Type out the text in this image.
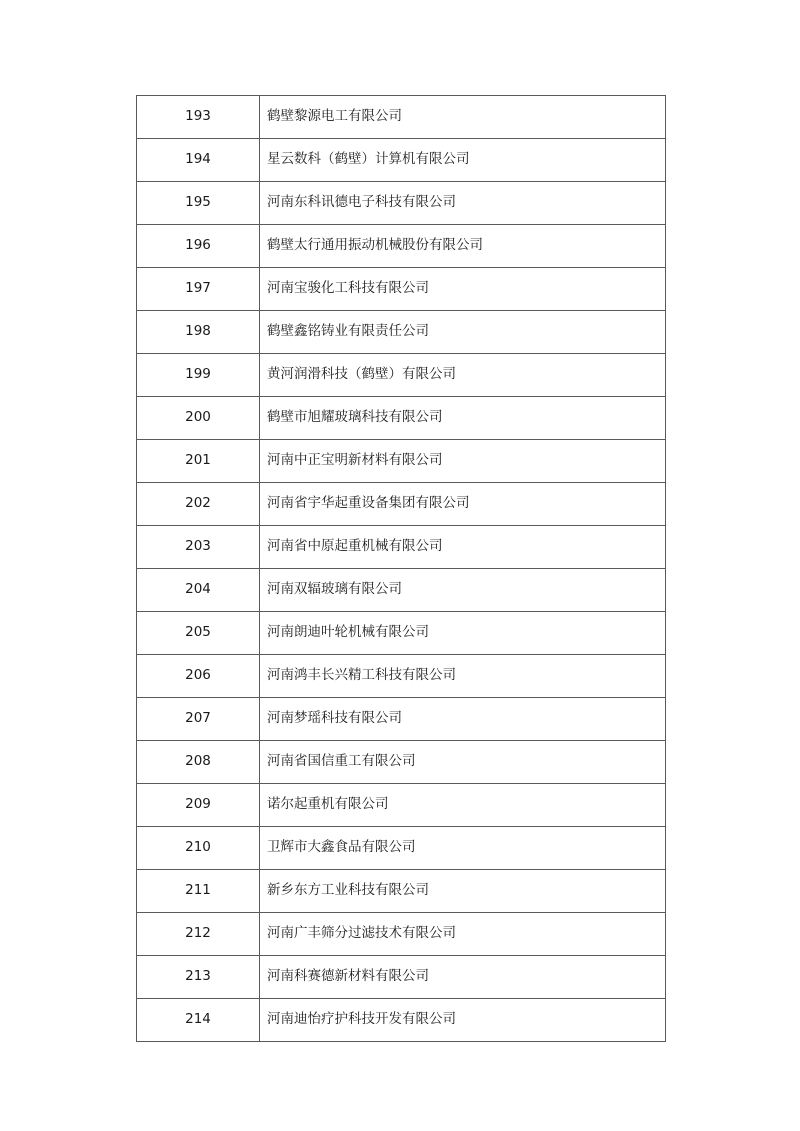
193	鹤壁黎源电工有限公司
194	星云数科（鹤壁）计算机有限公司
195	河南东科讯德电子科技有限公司
196	鹤壁太行通用振动机械股份有限公司
197	河南宝骏化工科技有限公司
198	鹤壁鑫铭铸业有限责任公司
199	黄河润滑科技（鹤壁）有限公司
200	鹤壁市旭耀玻璃科技有限公司
201	河南中正宝明新材料有限公司
202	河南省宇华起重设备集团有限公司
203	河南省中原起重机械有限公司
204	河南双辐玻璃有限公司
205	河南朗迪叶轮机械有限公司
206	河南鸿丰长兴精工科技有限公司
207	河南梦瑶科技有限公司
208	河南省国信重工有限公司
209	诺尔起重机有限公司
210	卫辉市大鑫食品有限公司
211	新乡东方工业科技有限公司
212	河南广丰筛分过滤技术有限公司
213	河南科赛德新材料有限公司
214	河南迪怡疗护科技开发有限公司
